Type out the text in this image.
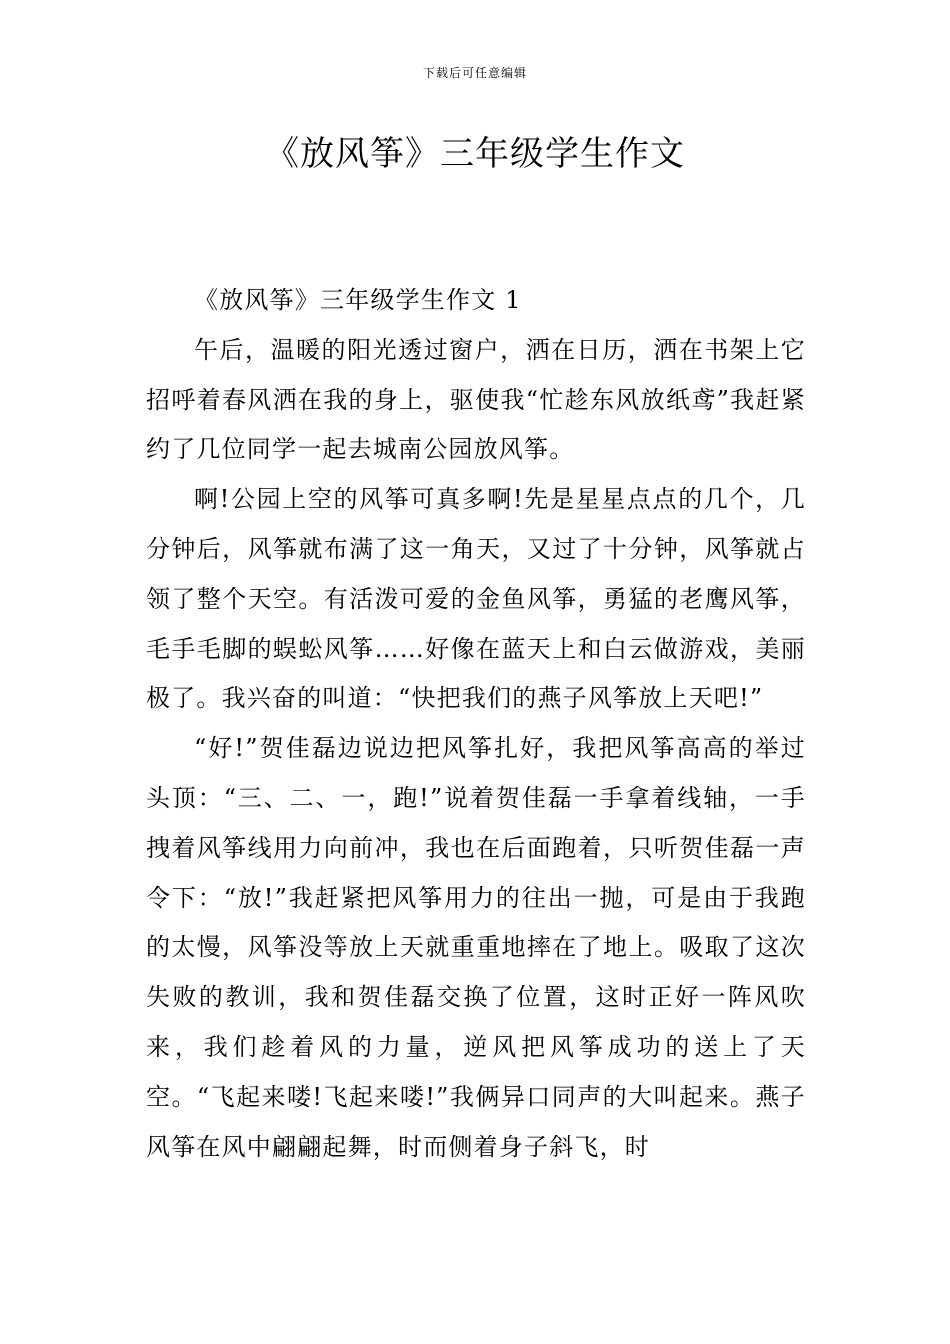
下载后可任意编辑
《放风筝》三年级学生作文

《放风筝》三年级学生作文 1

午后，温暖的阳光透过窗户，洒在日历，洒在书架上它招呼着春风洒在我的身上，驱使我“忙趁东风放纸鸢”我赶紧约了几位同学一起去城南公园放风筝。

啊!公园上空的风筝可真多啊!先是星星点点的几个，几分钟后，风筝就布满了这一角天，又过了十分钟，风筝就占领了整个天空。有活泼可爱的金鱼风筝，勇猛的老鹰风筝，毛手毛脚的蜈蚣风筝……好像在蓝天上和白云做游戏，美丽极了。我兴奋的叫道：“快把我们的燕子风筝放上天吧!”

“好!”贺佳磊边说边把风筝扎好，我把风筝高高的举过头顶：“三、二、一，跑!”说着贺佳磊一手拿着线轴，一手拽着风筝线用力向前冲，我也在后面跑着，只听贺佳磊一声令下：“放!”我赶紧把风筝用力的往出一抛，可是由于我跑的太慢，风筝没等放上天就重重地摔在了地上。吸取了这次失败的教训，我和贺佳磊交换了位置，这时正好一阵风吹来，我们趁着风的力量，逆风把风筝成功的送上了天空。“飞起来喽!飞起来喽!”我俩异口同声的大叫起来。燕子风筝在风中翩翩起舞，时而侧着身子斜飞，时
